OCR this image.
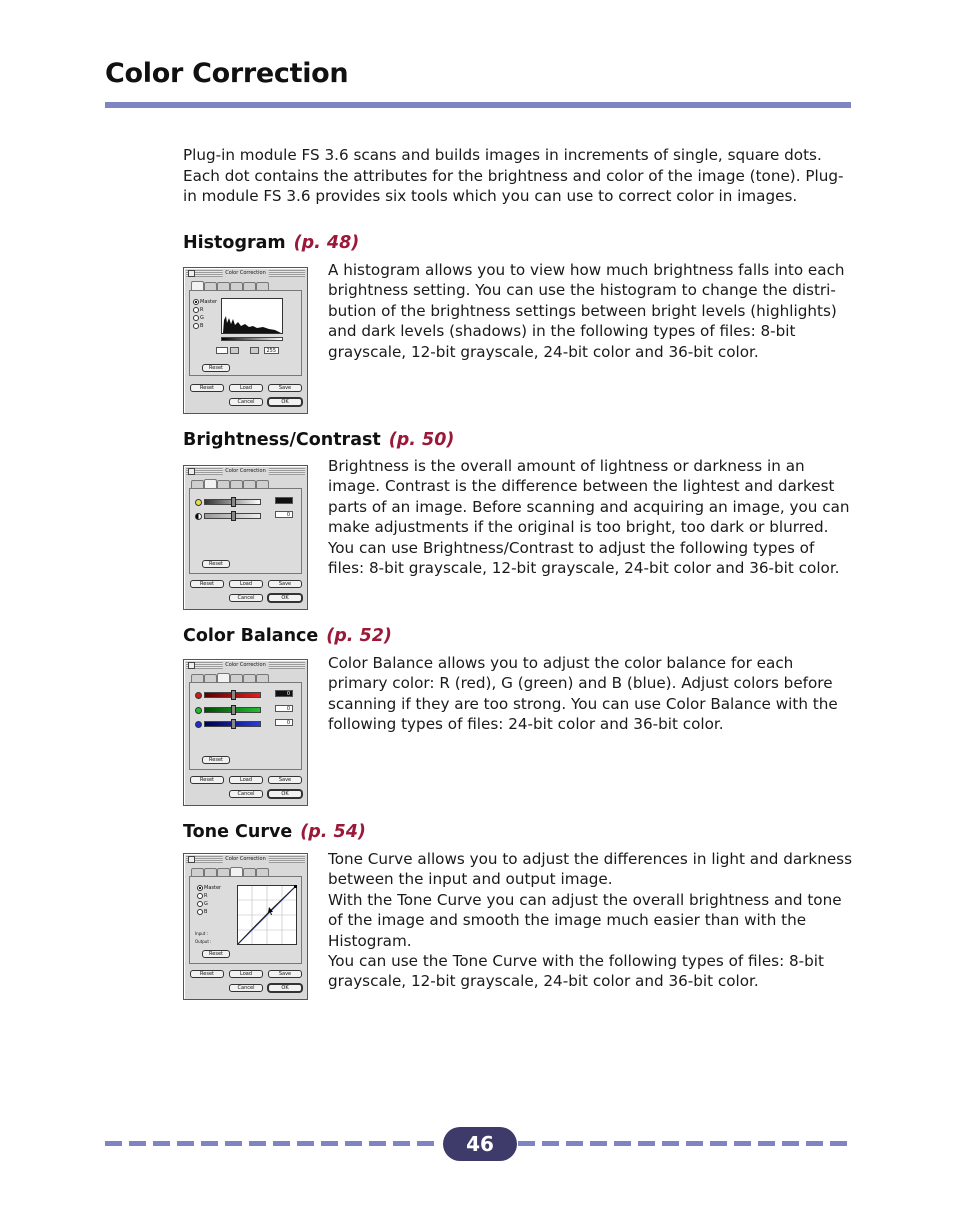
Color Correction

Plug-in module FS 3.6 scans and builds images in increments of single, square dots. Each dot contains the attributes for the brightness and color of the image (tone). Plug-in module FS 3.6 provides six tools which you can use to correct color in images.

Histogram (p. 48)
A histogram allows you to view how much brightness falls into each brightness setting. You can use the histogram to change the distri-bution of the brightness settings between bright levels (highlights) and dark levels (shadows) in the following types of files: 8-bit grayscale, 12-bit grayscale, 24-bit color and 36-bit color.
Color Correction
Master
R
G
B
255
Reset
Reset	Load	Save
Cancel	OK
Brightness/Contrast (p. 50)
Brightness is the overall amount of lightness or darkness in an image. Contrast is the difference between the lightest and darkest parts of an image. Before scanning and acquiring an image, you can make adjustments if the original is too bright, too dark or blurred. You can use Brightness/Contrast to adjust the following types of files: 8-bit grayscale, 12-bit grayscale, 24-bit color and 36-bit color.
Color Correction
0
Reset
Reset	Load	Save
Cancel	OK
Color Balance (p. 52)
Color Balance allows you to adjust the color balance for each primary color: R (red), G (green) and B (blue). Adjust colors before scanning if they are too strong. You can use Color Balance with the following types of files: 24-bit color and 36-bit color.
Color Correction
0
0
0
Reset
Reset	Load	Save
Cancel	OK
Tone Curve (p. 54)

Tone Curve allows you to adjust the differences in light and darkness between the input and output image.

With the Tone Curve you can adjust the overall brightness and tone of the image and smooth the image much easier than with the Histogram.

You can use the Tone Curve with the following types of files: 8-bit grayscale, 12-bit grayscale, 24-bit color and 36-bit color.

Color Correction
Master
R
G
B
Input :
Output :
Reset
Reset	Load	Save
Cancel	OK
46
